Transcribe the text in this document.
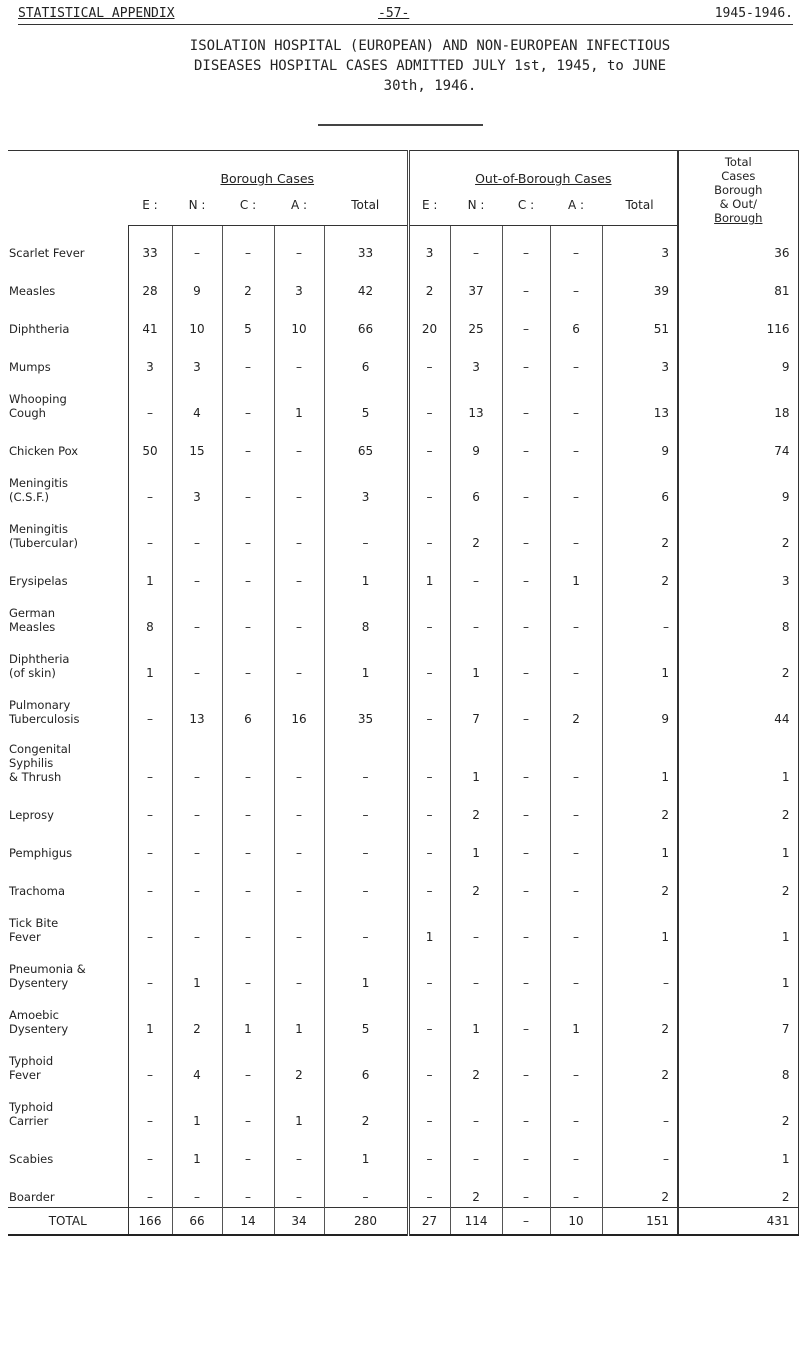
STATISTICAL APPENDIX	-57-	1945-1946.
ISOLATION HOSPITAL (EUROPEAN) AND NON-EUROPEAN INFECTIOUS
DISEASES HOSPITAL CASES ADMITTED JULY 1st, 1945, to JUNE
30th, 1946.
	Borough Cases					Out-of-Borough Cases					Total
Cases
Borough
& Out/
Borough

	E :	N :	C :	A :	Total	E :	N :	C :	A :	Total	

Scarlet Fever	33	–	–	–	33	3	–	–	–	3	36

Measles	28	9	2	3	42	2	37	–	–	39	81

Diphtheria	41	10	5	10	66	20	25	–	6	51	116

Mumps	3	3	–	–	6	–	3	–	–	3	9

Whooping
Cough	–	4	–	1	5	–	13	–	–	13	18

Chicken Pox	50	15	–	–	65	–	9	–	–	9	74

Meningitis
(C.S.F.)	–	3	–	–	3	–	6	–	–	6	9

Meningitis
(Tubercular)	–	–	–	–	–	–	2	–	–	2	2

Erysipelas	1	–	–	–	1	1	–	–	1	2	3

German
Measles	8	–	–	–	8	–	–	–	–	–	8

Diphtheria
(of skin)	1	–	–	–	1	–	1	–	–	1	2

Pulmonary
Tuberculosis	–	13	6	16	35	–	7	–	2	9	44

Congenital
Syphilis
& Thrush	–	–	–	–	–	–	1	–	–	1	1

Leprosy	–	–	–	–	–	–	2	–	–	2	2

Pemphigus	–	–	–	–	–	–	1	–	–	1	1

Trachoma	–	–	–	–	–	–	2	–	–	2	2

Tick Bite
Fever	–	–	–	–	–	1	–	–	–	1	1

Pneumonia &
Dysentery	–	1	–	–	1	–	–	–	–	–	1

Amoebic
Dysentery	1	2	1	1	5	–	1	–	1	2	7

Typhoid
Fever	–	4	–	2	6	–	2	–	–	2	8

Typhoid
Carrier	–	1	–	1	2	–	–	–	–	–	2

Scabies	–	1	–	–	1	–	–	–	–	–	1

Boarder	–	–	–	–	–	–	2	–	–	2	2
TOTAL	166	66	14	34	280	27	114	–	10	151	431
